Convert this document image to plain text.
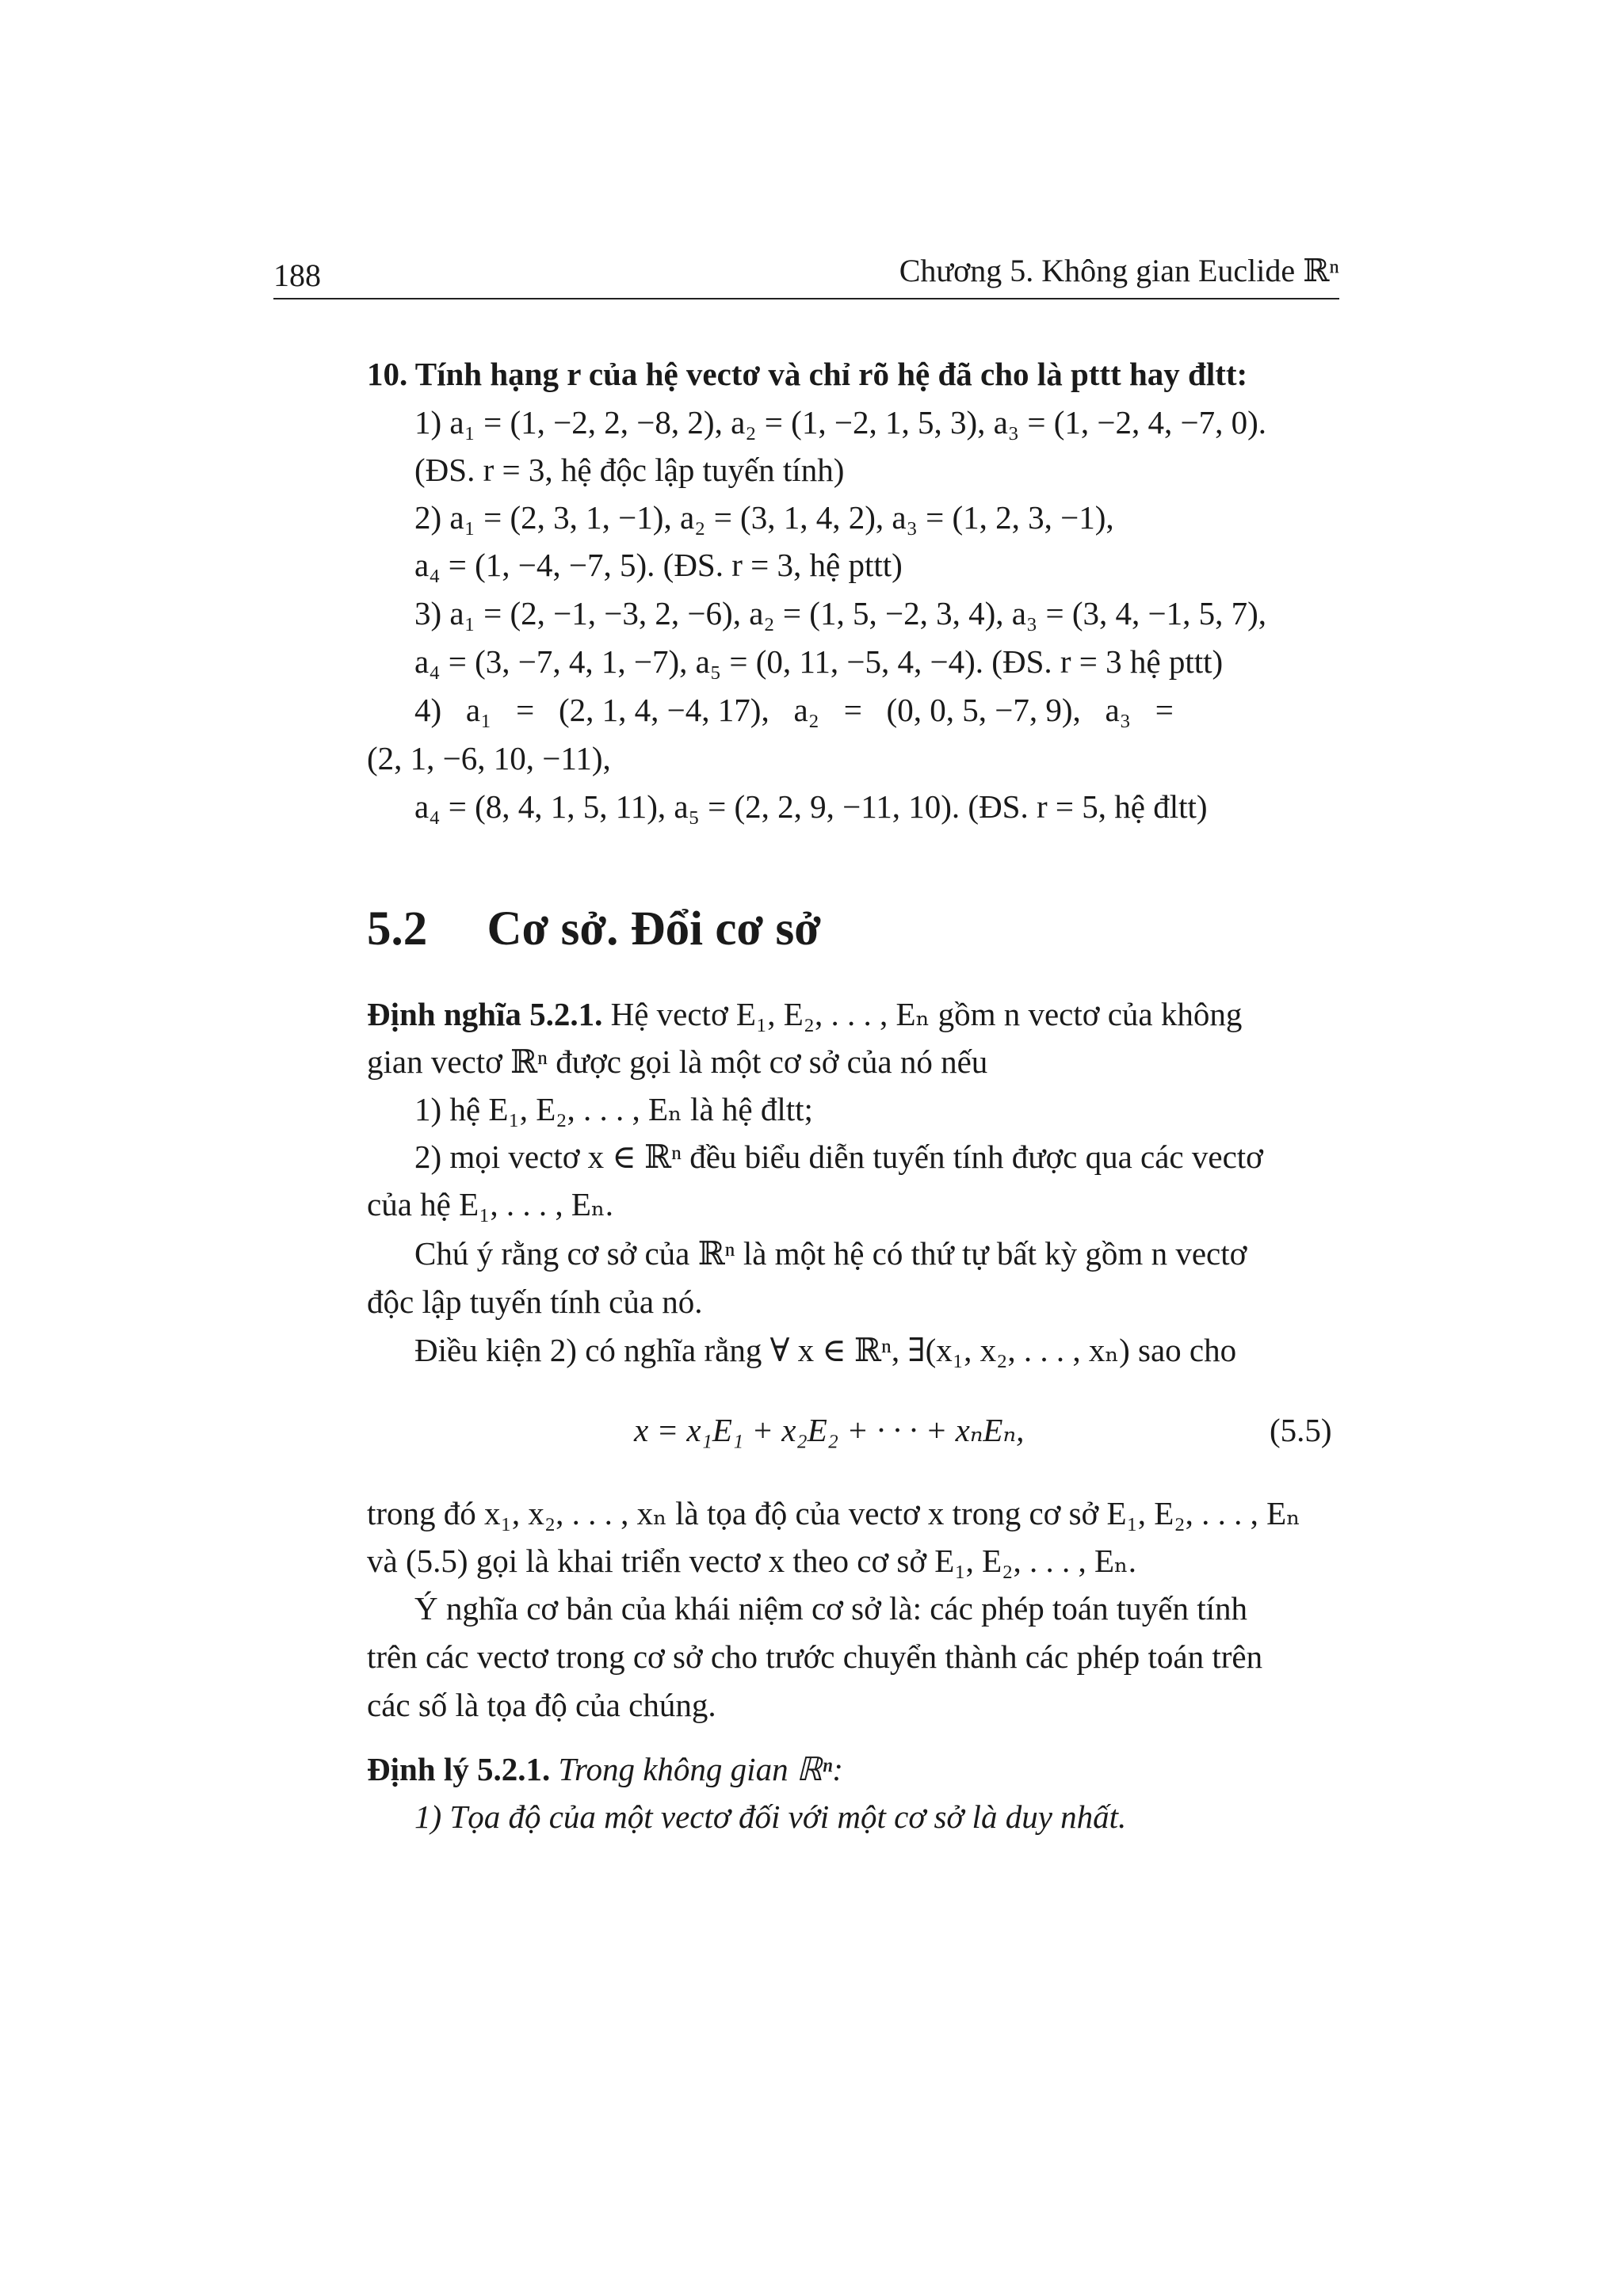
188	Chương 5. Không gian Euclide ℝⁿ
10. Tính hạng r của hệ vectơ và chỉ rõ hệ đã cho là pttt hay đltt:
1) a₁ = (1, −2, 2, −8, 2), a₂ = (1, −2, 1, 5, 3), a₃ = (1, −2, 4, −7, 0).
(ĐS. r = 3, hệ độc lập tuyến tính)
2) a₁ = (2, 3, 1, −1), a₂ = (3, 1, 4, 2), a₃ = (1, 2, 3, −1),
a₄ = (1, −4, −7, 5). (ĐS. r = 3, hệ pttt)
3) a₁ = (2, −1, −3, 2, −6), a₂ = (1, 5, −2, 3, 4), a₃ = (3, 4, −1, 5, 7),
a₄ = (3, −7, 4, 1, −7), a₅ = (0, 11, −5, 4, −4). (ĐS. r = 3 hệ pttt)
4)   a₁   =   (2, 1, 4, −4, 17),   a₂   =   (0, 0, 5, −7, 9),   a₃   =
(2, 1, −6, 10, −11),
a₄ = (8, 4, 1, 5, 11), a₅ = (2, 2, 9, −11, 10). (ĐS. r = 5, hệ đltt)
5.2 Cơ sở. Đổi cơ sở
Định nghĩa 5.2.1. Hệ vectơ E₁, E₂, . . . , Eₙ gồm n vectơ của không
gian vectơ ℝⁿ được gọi là một cơ sở của nó nếu
1) hệ E₁, E₂, . . . , Eₙ là hệ đltt;
2) mọi vectơ x ∈ ℝⁿ đều biểu diễn tuyến tính được qua các vectơ
của hệ E₁, . . . , Eₙ.
Chú ý rằng cơ sở của ℝⁿ là một hệ có thứ tự bất kỳ gồm n vectơ
độc lập tuyến tính của nó.
Điều kiện 2) có nghĩa rằng ∀ x ∈ ℝⁿ, ∃(x₁, x₂, . . . , xₙ) sao cho
x = x₁E₁ + x₂E₂ + · · · + xₙEₙ,	(5.5)
trong đó x₁, x₂, . . . , xₙ là tọa độ của vectơ x trong cơ sở E₁, E₂, . . . , Eₙ
và (5.5) gọi là khai triển vectơ x theo cơ sở E₁, E₂, . . . , Eₙ.
Ý nghĩa cơ bản của khái niệm cơ sở là: các phép toán tuyến tính
trên các vectơ trong cơ sở cho trước chuyển thành các phép toán trên
các số là tọa độ của chúng.
Định lý 5.2.1. Trong không gian ℝⁿ:
1) Tọa độ của một vectơ đối với một cơ sở là duy nhất.
